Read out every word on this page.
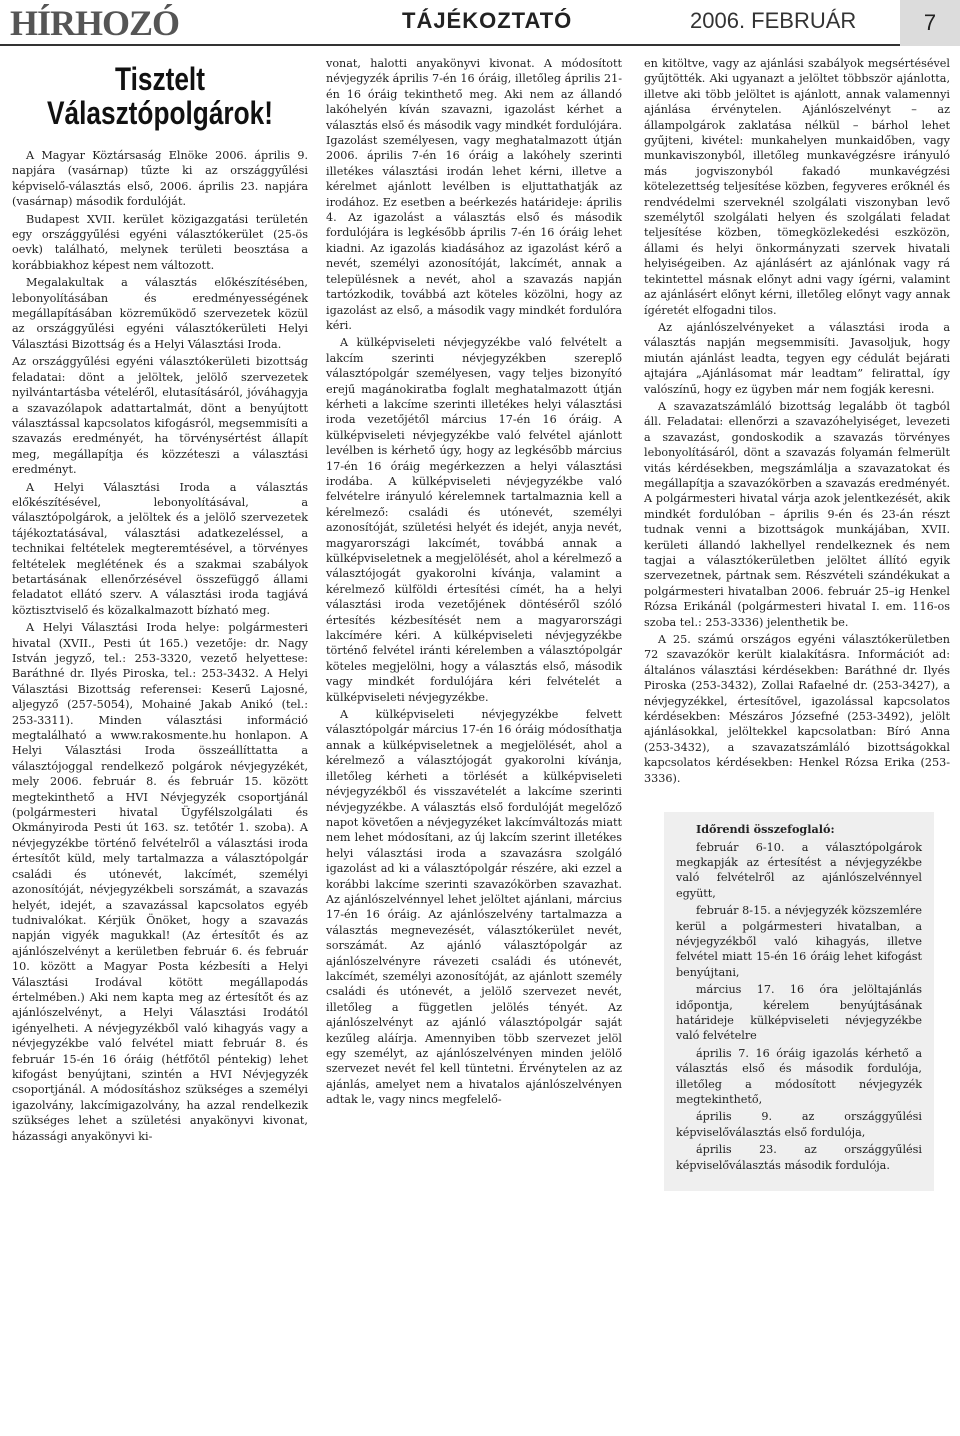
HÍRHOZÓ	TÁJÉKOZTATÓ	2006. FEBRUÁR	7
Tisztelt
Választópolgárok!

A Magyar Köztársaság Elnöke 2006. április 9. napjára (vasárnap) tűzte ki az országgyűlési képviselő-választás első, 2006. április 23. napjára (vasárnap) második fordulóját.

Budapest XVII. kerület közigazgatási területén egy országgyűlési egyéni választókerület (25-ös oevk) található, melynek területi beosztása a korábbiakhoz képest nem változott.

Megalakultak a választás előkészítésében, lebonyolításában és eredményességének megállapításában közreműködő szervezetek közül az országgyűlési egyéni választókerületi Helyi Választási Bizottság és a Helyi Választási Iroda.

Az országgyűlési egyéni választókerületi bizottság feladatai: dönt a jelöltek, jelölő szervezetek nyilvántartásba vételéről, elutasításáról, jóváhagyja a szavazólapok adattartalmát, dönt a benyújtott választással kapcsolatos kifogásról, megsemmisíti a szavazás eredményét, ha törvénysértést állapít meg, megállapítja és közzéteszi a választási eredményt.

A Helyi Választási Iroda a választás előkészítésével, lebonyolításával, a választópolgárok, a jelöltek és a jelölő szervezetek tájékoztatásával, választási adatkezeléssel, a technikai feltételek megteremtésével, a törvényes feltételek meglétének és a szakmai szabályok betartásának ellenőrzésével összefüggő állami feladatot ellátó szerv. A választási iroda tagjává köztisztviselő és közalkalmazott bízható meg.

A Helyi Választási Iroda helye: polgármesteri hivatal (XVII., Pesti út 165.) vezetője: dr. Nagy István jegyző, tel.: 253-3320, vezető helyettese: Baráthné dr. Ilyés Piroska, tel.: 253-3432. A Helyi Választási Bizottság referensei: Keserű Lajosné, aljegyző (257-5054), Mohainé Jakab Anikó (tel.: 253-3311). Minden választási információ megtalálható a www.rakosmente.hu honlapon. A Helyi Választási Iroda összeállíttatta a választójoggal rendelkező polgárok névjegyzékét, mely 2006. február 8. és február 15. között megtekinthető a HVI Névjegyzék csoportjánál (polgármesteri hivatal Ügyfélszolgálati és Okmányiroda Pesti út 163. sz. tetőtér 1. szoba). A névjegyzékbe történő felvételről a választási iroda értesítőt küld, mely tartalmazza a választópolgár családi és utónevét, lakcímét, személyi azonosítóját, névjegyzékbeli sorszámát, a szavazás helyét, idejét, a szavazással kapcsolatos egyéb tudnivalókat. Kérjük Önöket, hogy a szavazás napján vigyék magukkal! (Az értesítőt és az ajánlószelvényt a kerületben február 6. és február 10. között a Magyar Posta kézbesíti a Helyi Választási Irodával kötött megállapodás értelmében.) Aki nem kapta meg az értesítőt és az ajánlószelvényt, a Helyi Választási Irodától igényelheti. A névjegyzékből való kihagyás vagy a névjegyzékbe való felvétel miatt február 8. és február 15-én 16 óráig (hétfőtől péntekig) lehet kifogást benyújtani, szintén a HVI Névjegyzék csoportjánál. A módosításhoz szükséges a személyi igazolvány, lakcímigazolvány, ha azzal rendelkezik szükséges lehet a születési anyakönyvi kivonat, házassági anyakönyvi ki-

vonat, halotti anyakönyvi kivonat. A módosított névjegyzék április 7-én 16 óráig, illetőleg április 21-én 16 óráig tekinthető meg. Aki nem az állandó lakóhelyén kíván szavazni, igazolást kérhet a választás első és második vagy mindkét fordulójára. Igazolást személyesen, vagy meghatalmazott útján 2006. április 7-én 16 óráig a lakóhely szerinti illetékes választási irodán lehet kérni, illetve a kérelmet ajánlott levélben is eljuttathatják az irodához. Ez esetben a beérkezés határideje: április 4. Az igazolást a választás első és második fordulójára is legkésőbb április 7-én 16 óráig lehet kiadni. Az igazolás kiadásához az igazolást kérő a nevét, személyi azonosítóját, lakcímét, annak a településnek a nevét, ahol a szavazás napján tartózkodik, továbbá azt köteles közölni, hogy az igazolást az első, a második vagy mindkét fordulóra kéri.

A külképviseleti névjegyzékbe való felvételt a lakcím szerinti névjegyzékben szereplő választópolgár személyesen, vagy teljes bizonyító erejű magánokiratba foglalt meghatalmazott útján kérheti a lakcíme szerinti illetékes helyi választási iroda vezetőjétől március 17-én 16 óráig. A külképviseleti névjegyzékbe való felvétel ajánlott levélben is kérhető úgy, hogy az legkésőbb március 17-én 16 óráig megérkezzen a helyi választási irodába. A külképviseleti névjegyzékbe való felvételre irányuló kérelemnek tartalmaznia kell a kérelmező: családi és utónevét, személyi azonosítóját, születési helyét és idejét, anyja nevét, magyarországi lakcímét, továbbá annak a külképviseletnek a megjelölését, ahol a kérelmező a választójogát gyakorolni kívánja, valamint a kérelmező külföldi értesítési címét, ha a helyi választási iroda vezetőjének döntéséről szóló értesítés kézbesítését nem a magyarországi lakcímére kéri. A külképviseleti névjegyzékbe történő felvétel iránti kérelemben a választópolgár köteles megjelölni, hogy a választás első, második vagy mindkét fordulójára kéri felvételét a külképviseleti névjegyzékbe.

A külképviseleti névjegyzékbe felvett választópolgár március 17-én 16 óráig módosíthatja annak a külképviseletnek a megjelölését, ahol a kérelmező a választójogát gyakorolni kívánja, illetőleg kérheti a törlését a külképviseleti névjegyzékből és visszavételét a lakcíme szerinti névjegyzékbe. A választás első fordulóját megelőző napot követően a névjegyzéket lakcímváltozás miatt nem lehet módosítani, az új lakcím szerint illetékes helyi választási iroda a szavazásra szolgáló igazolást ad ki a választópolgár részére, aki ezzel a korábbi lakcíme szerinti szavazókörben szavazhat. Az ajánlószelvénnyel lehet jelöltet ajánlani, március 17-én 16 óráig. Az ajánlószelvény tartalmazza a választás megnevezését, választókerület nevét, sorszámát. Az ajánló választópolgár az ajánlószelvényre rávezeti családi és utónevét, lakcímét, személyi azonosítóját, az ajánlott személy családi és utónevét, a jelölő szervezet nevét, illetőleg a független jelölés tényét. Az ajánlószelvényt az ajánló választópolgár saját kezűleg aláírja. Amennyiben több szervezet jelöl egy személyt, az ajánlószelvényen minden jelölő szervezet nevét fel kell tüntetni. Érvénytelen az az ajánlás, amelyet nem a hivatalos ajánlószelvényen adtak le, vagy nincs megfelelő-

en kitöltve, vagy az ajánlási szabályok megsértésével gyűjtötték. Aki ugyanazt a jelöltet többször ajánlotta, illetve aki több jelöltet is ajánlott, annak valamennyi ajánlása érvénytelen. Ajánlószelvényt – az állampolgárok zaklatása nélkül – bárhol lehet gyűjteni, kivétel: munkahelyen munkaidőben, vagy munkaviszonyból, illetőleg munkavégzésre irányuló más jogviszonyból fakadó munkavégzési kötelezettség teljesítése közben, fegyveres erőknél és rendvédelmi szerveknél szolgálati viszonyban levő személytől szolgálati helyen és szolgálati feladat teljesítése közben, tömegközlekedési eszközön, állami és helyi önkormányzati szervek hivatali helyiségeiben. Az ajánlásért az ajánlónak vagy rá tekintettel másnak előnyt adni vagy ígérni, valamint az ajánlásért előnyt kérni, illetőleg előnyt vagy annak ígéretét elfogadni tilos.

Az ajánlószelvényeket a választási iroda a választás napján megsemmisíti. Javasoljuk, hogy miután ajánlást leadta, tegyen egy cédulát bejárati ajtajára „Ajánlásomat már leadtam” felirattal, így valószínű, hogy ez ügyben már nem fogják keresni.

A szavazatszámláló bizottság legalább öt tagból áll. Feladatai: ellenőrzi a szavazóhelyiséget, levezeti a szavazást, gondoskodik a szavazás törvényes lebonyolításáról, dönt a szavazás folyamán felmerült vitás kérdésekben, megszámlálja a szavazatokat és megállapítja a szavazókörben a szavazás eredményét. A polgármesteri hivatal várja azok jelentkezését, akik mindkét fordulóban – április 9-én és 23-án részt tudnak venni a bizottságok munkájában, XVII. kerületi állandó lakhellyel rendelkeznek és nem tagjai a választókerületben jelöltet állító egyik szervezetnek, pártnak sem. Részvételi szándékukat a polgármesteri hivatalban 2006. február 25–ig Henkel Rózsa Erikánál (polgármesteri hivatal I. em. 116-os szoba tel.: 253-3336) jelenthetik be.

A 25. számú országos egyéni választókerületben 72 szavazókör került kialakításra. Információt ad: általános választási kérdésekben: Baráthné dr. Ilyés Piroska (253-3432), Zollai Rafaelné dr. (253-3427), a névjegyzékkel, értesítővel, igazolással kapcsolatos kérdésekben: Mészáros Józsefné (253-3492), jelölt ajánlásokkal, jelöltekkel kapcsolatban: Bíró Anna (253-3432), a szavazatszámláló bizottságokkal kapcsolatos kérdésekben: Henkel Rózsa Erika (253-3336).

Időrendi összefoglaló:

február 6-10. a választópolgárok megkapják az értesítést a névjegyzékbe való felvételről az ajánlószelvénnyel együtt,

február 8-15. a névjegyzék közszemlére kerül a polgármesteri hivatalban, a névjegyzékből való kihagyás, illetve felvétel miatt 15-én 16 óráig lehet kifogást benyújtani,

március 17. 16 óra jelöltajánlás időpontja, kérelem benyújtásának határideje külképviseleti névjegyzékbe való felvételre

április 7. 16 óráig igazolás kérhető a választás első és második fordulója, illetőleg a módosított névjegyzék megtekinthető,

április 9. az országgyűlési képviselőválasztás első fordulója,

április 23. az országgyűlési képviselőválasztás második fordulója.
